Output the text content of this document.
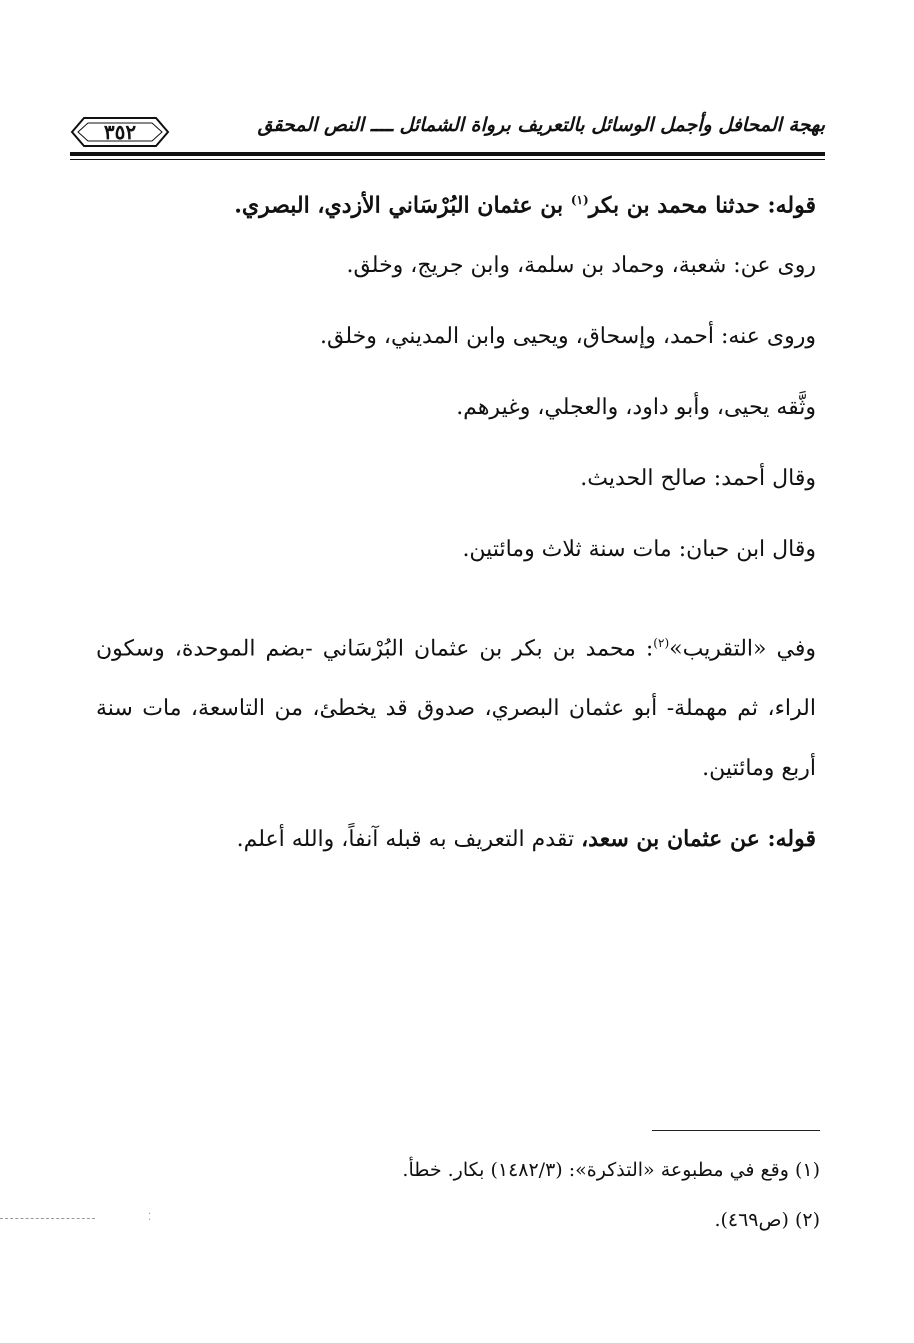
بهجة المحافل وأجمل الوسائل بالتعريف برواة الشمائل ــــ النص المحقق
٣٥٢

قوله: حدثنا محمد بن بكر$^{(١)}$ بن عثمان البُرْسَاني الأزدي، البصري.

روى عن: شعبة، وحماد بن سلمة، وابن جريج، وخلق.

وروى عنه: أحمد، وإسحاق، ويحيى وابن المديني، وخلق.

وثَّقه يحيى، وأبو داود، والعجلي، وغيرهم.

وقال أحمد: صالح الحديث.

وقال ابن حبان: مات سنة ثلاث ومائتين.

وفي «التقريب»$^{(٢)}$: محمد بن بكر بن عثمان البُرْسَاني -بضم الموحدة، وسكون الراء، ثم مهملة- أبو عثمان البصري، صدوق قد يخطئ، من التاسعة، مات سنة أربع ومائتين.

قوله: عن عثمان بن سعد، تقدم التعريف به قبله آنفاً، والله أعلم.

(١) وقع في مطبوعة «التذكرة»: (١٤٨٢/٣) بكار. خطأ.

(٢) (ص٤٦٩).

⁚
